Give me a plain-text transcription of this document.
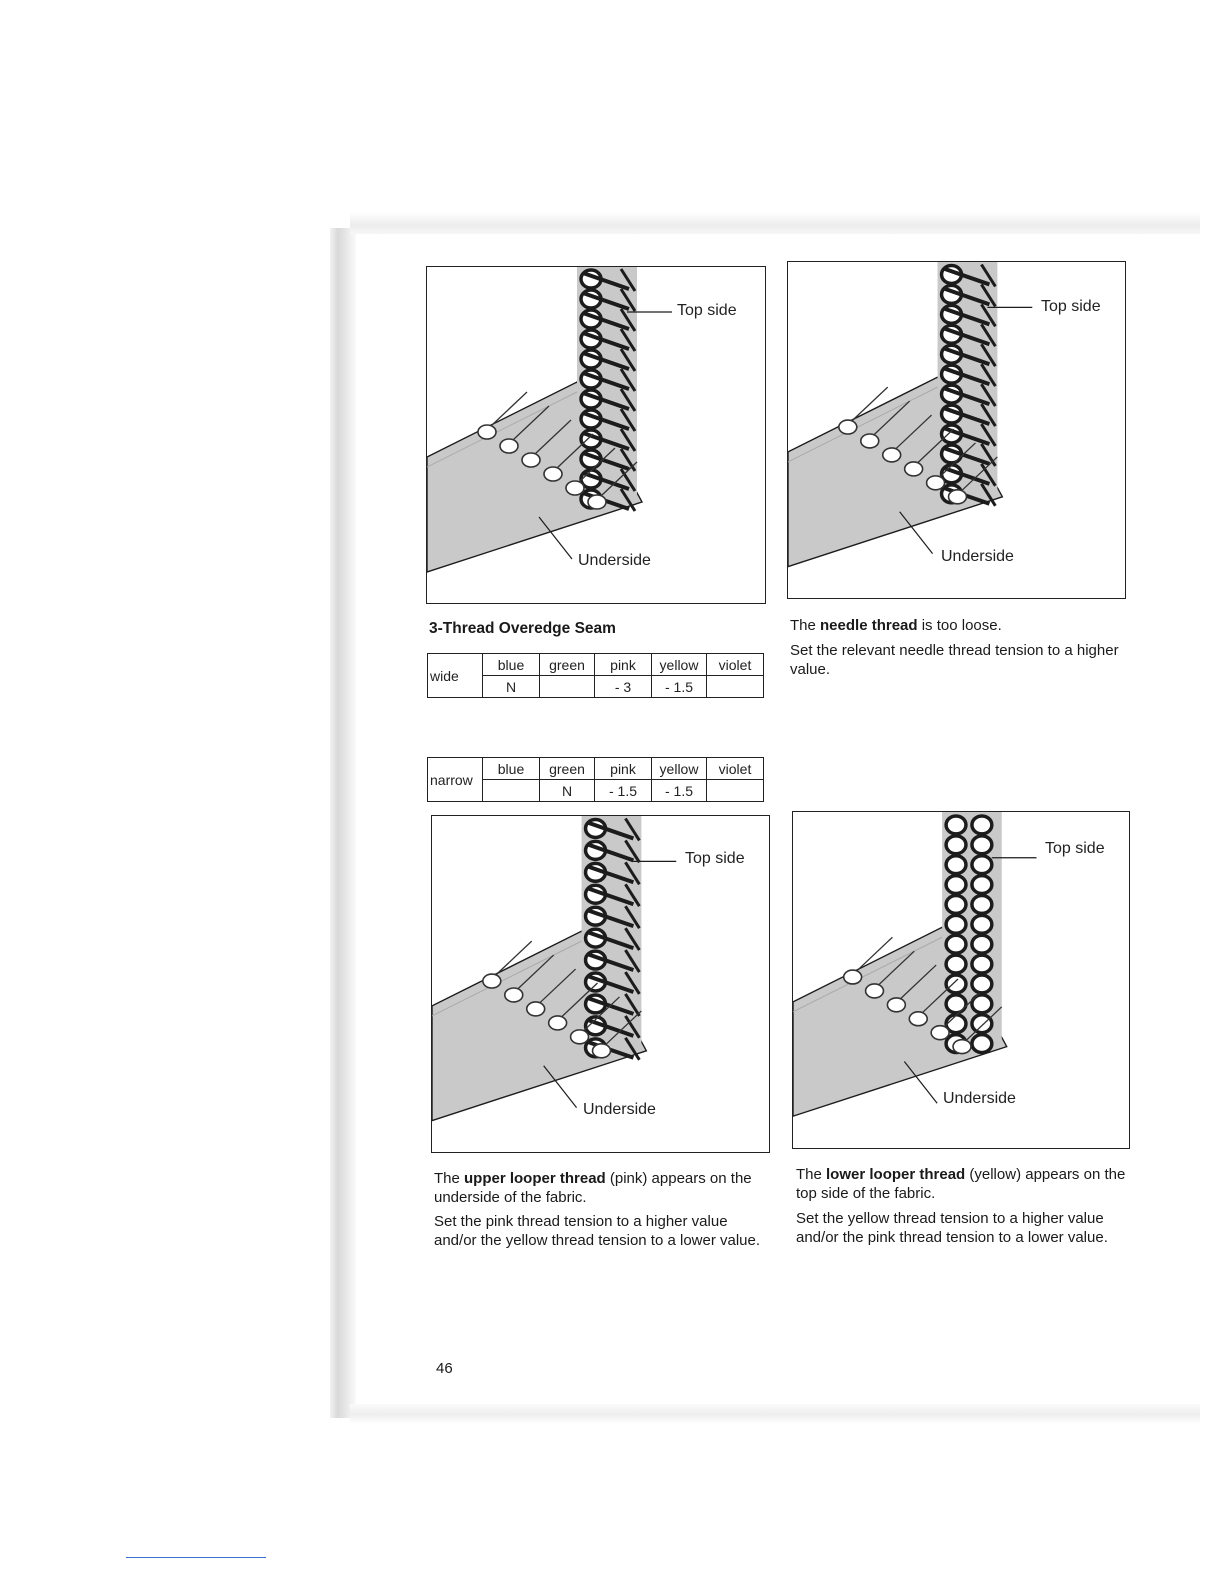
Top side
Underside
Top side
Underside
The needle thread is too loose.
Set the relevant needle thread tension to a higher value.
3-Thread Overedge Seam
wide	blue	green	pink	yellow	violet
	N		- 3	- 1.5	
narrow	blue	green	pink	yellow	violet
		N	- 1.5	- 1.5	
Top side
Underside
Top side
Underside
The upper looper thread (pink) appears on the underside of the fabric.
Set the pink thread tension to a higher value and/or the yellow thread tension to a lower value.
The lower looper thread (yellow) appears on the top side of the fabric.
Set the yellow thread tension to a higher value and/or the pink thread tension to a lower value.
46
